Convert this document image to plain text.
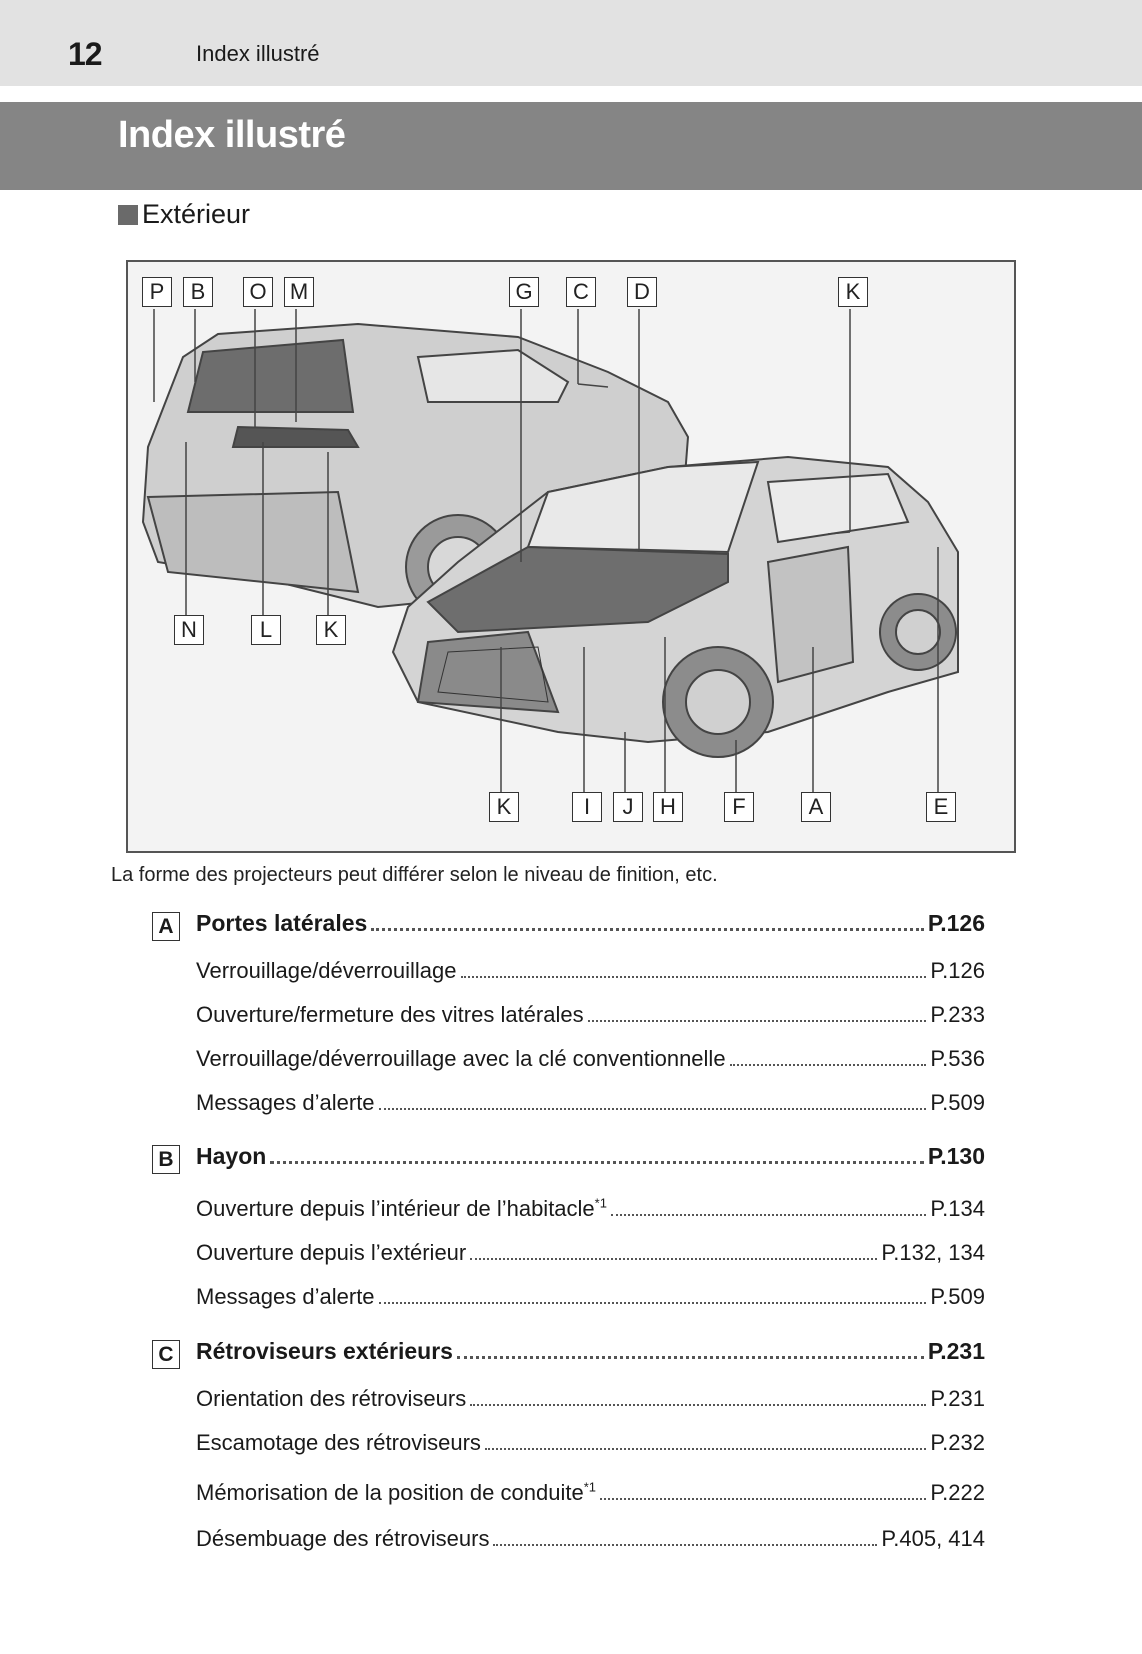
12	Index illustré
Index illustré
Extérieur
P	B	O M	G	C	D	K
N	L	K
K	I	J	H	F	A	E
La forme des projecteurs peut différer selon le niveau de finition, etc.
A Portes latérales	P.126
Verrouillage/déverrouillage	P.126
Ouverture/fermeture des vitres latérales	P.233
Verrouillage/déverrouillage avec la clé conventionnelle	P.536
Messages d’alerte	P.509
B Hayon	P.130
Ouverture depuis l’intérieur de l’habitacle$^{*1}$	P.134
Ouverture depuis l’extérieur	P.132, 134
Messages d’alerte	P.509
C Rétroviseurs extérieurs	P.231
Orientation des rétroviseurs	P.231
Escamotage des rétroviseurs	P.232
Mémorisation de la position de conduite$^{*1}$	P.222
Désembuage des rétroviseurs	P.405, 414
